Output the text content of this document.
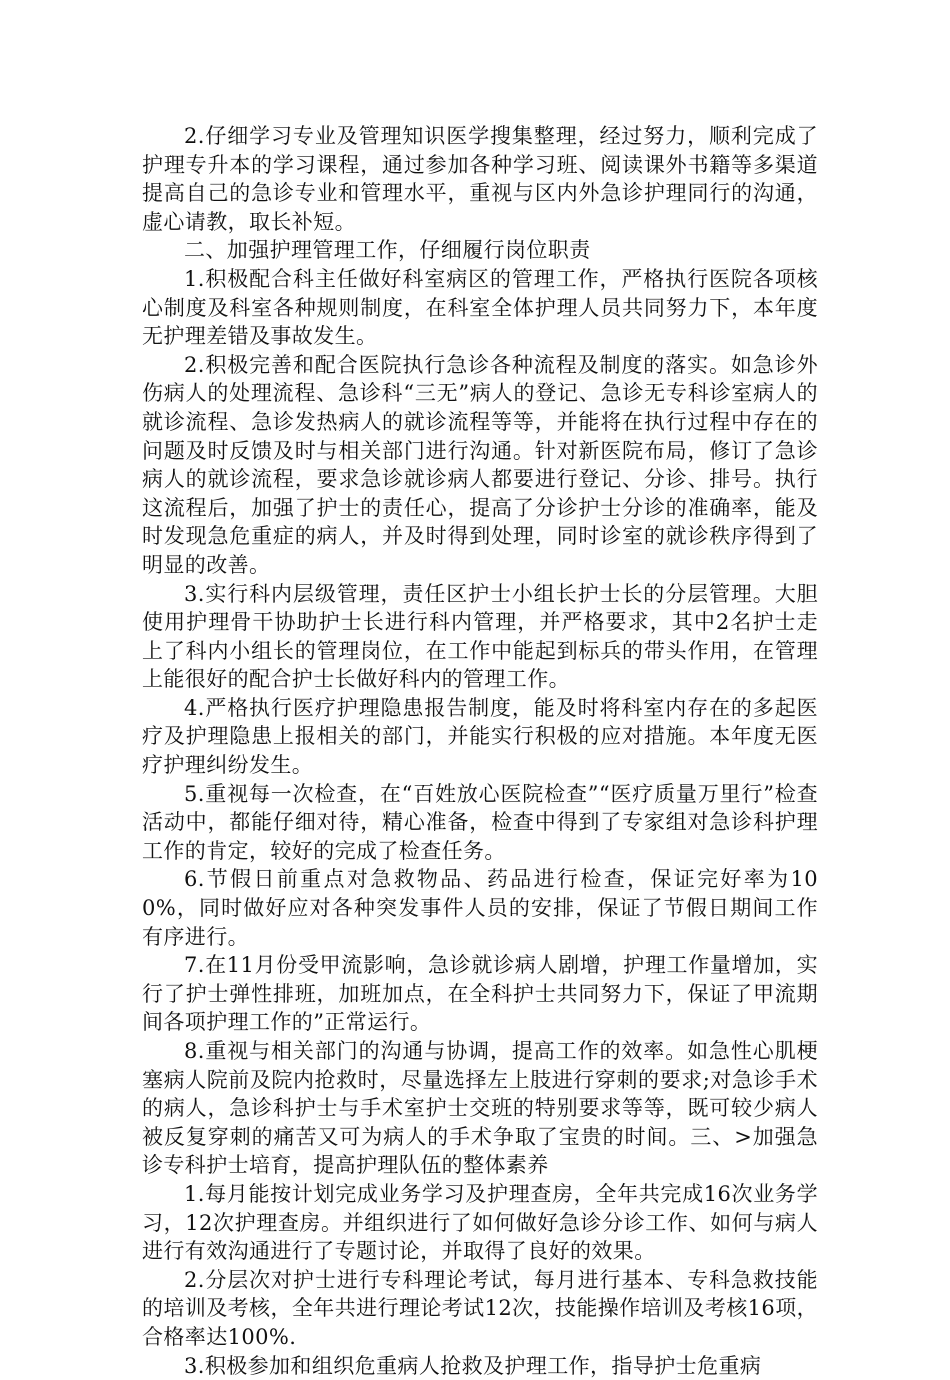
2.仔细学习专业及管理知识医学搜集整理，经过努力，顺利完成了护理专升本的学习课程，通过参加各种学习班、阅读课外书籍等多渠道提高自己的急诊专业和管理水平，重视与区内外急诊护理同行的沟通，虚心请教，取长补短。

二、加强护理管理工作，仔细履行岗位职责

1.积极配合科主任做好科室病区的管理工作，严格执行医院各项核心制度及科室各种规则制度，在科室全体护理人员共同努力下，本年度无护理差错及事故发生。

2.积极完善和配合医院执行急诊各种流程及制度的落实。如急诊外伤病人的处理流程、急诊科“三无”病人的登记、急诊无专科诊室病人的就诊流程、急诊发热病人的就诊流程等等，并能将在执行过程中存在的问题及时反馈及时与相关部门进行沟通。针对新医院布局，修订了急诊病人的就诊流程，要求急诊就诊病人都要进行登记、分诊、排号。执行这流程后，加强了护士的责任心，提高了分诊护士分诊的准确率，能及时发现急危重症的病人，并及时得到处理，同时诊室的就诊秩序得到了明显的改善。

3.实行科内层级管理，责任区护士小组长护士长的分层管理。大胆使用护理骨干协助护士长进行科内管理，并严格要求，其中2名护士走上了科内小组长的管理岗位，在工作中能起到标兵的带头作用，在管理上能很好的配合护士长做好科内的管理工作。

4.严格执行医疗护理隐患报告制度，能及时将科室内存在的多起医疗及护理隐患上报相关的部门，并能实行积极的应对措施。本年度无医疗护理纠纷发生。

5.重视每一次检查，在“百姓放心医院检查”“医疗质量万里行”检查活动中，都能仔细对待，精心准备，检查中得到了专家组对急诊科护理工作的肯定，较好的完成了检查任务。

6.节假日前重点对急救物品、药品进行检查，保证完好率为100%，同时做好应对各种突发事件人员的安排，保证了节假日期间工作有序进行。

7.在11月份受甲流影响，急诊就诊病人剧增，护理工作量增加，实行了护士弹性排班，加班加点，在全科护士共同努力下，保证了甲流期间各项护理工作的”正常运行。

8.重视与相关部门的沟通与协调，提高工作的效率。如急性心肌梗塞病人院前及院内抢救时，尽量选择左上肢进行穿刺的要求;对急诊手术的病人，急诊科护士与手术室护士交班的特别要求等等，既可较少病人被反复穿刺的痛苦又可为病人的手术争取了宝贵的时间。三、>加强急诊专科护士培育，提高护理队伍的整体素养

1.每月能按计划完成业务学习及护理查房，全年共完成16次业务学习，12次护理查房。并组织进行了如何做好急诊分诊工作、如何与病人进行有效沟通进行了专题讨论，并取得了良好的效果。

2.分层次对护士进行专科理论考试，每月进行基本、专科急救技能的培训及考核，全年共进行理论考试12次，技能操作培训及考核16项，合格率达100%.

3.积极参加和组织危重病人抢救及护理工作，指导护士危重病
